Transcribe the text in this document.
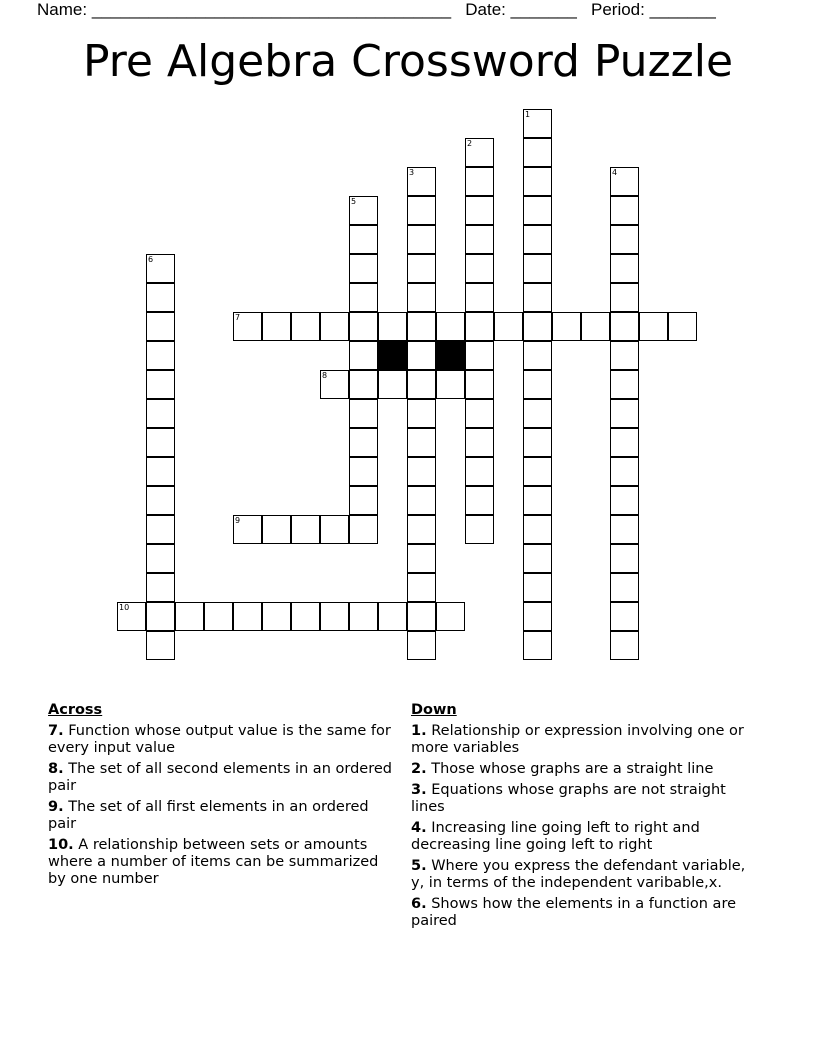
Name: ______________________________________ Date: _______ Period: _______
Pre Algebra Crossword Puzzle
1
2
3	4
5
6
7
8
9
10
Across
7. Function whose output value is the same for every input value
8. The set of all second elements in an ordered pair
9. The set of all first elements in an ordered pair
10. A relationship between sets or amounts where a number of items can be summarized by one number
Down
1. Relationship or expression involving one or more variables
2. Those whose graphs are a straight line
3. Equations whose graphs are not straight lines
4. Increasing line going left to right and decreasing line going left to right
5. Where you express the defendant variable, y, in terms of the independent varibable,x.
6. Shows how the elements in a function are paired
